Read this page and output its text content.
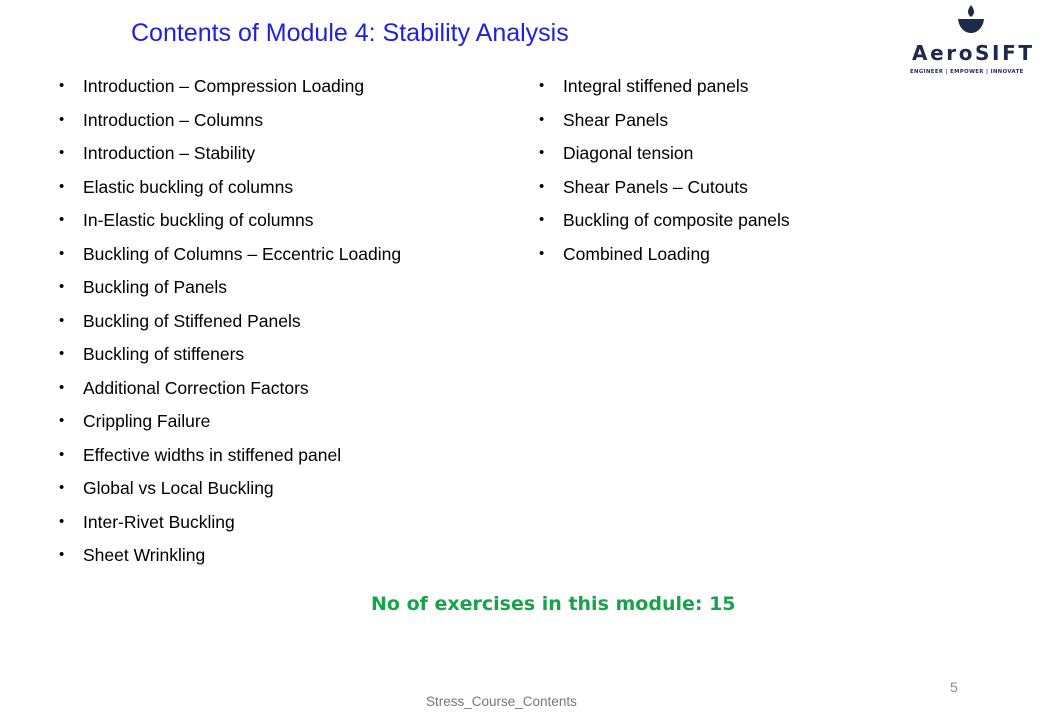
Contents of Module 4: Stability Analysis
AeroSIFT
ENGINEER | EMPOWER | INNOVATE
• Introduction – Compression Loading
• Introduction – Columns
• Introduction – Stability
• Elastic buckling of columns
• In-Elastic buckling of columns
• Buckling of Columns – Eccentric Loading
• Buckling of Panels
• Buckling of Stiffened Panels
• Buckling of stiffeners
• Additional Correction Factors
• Crippling Failure
• Effective widths in stiffened panel
• Global vs Local Buckling
• Inter-Rivet Buckling
• Sheet Wrinkling
• Integral stiffened panels
• Shear Panels
• Diagonal tension
• Shear Panels – Cutouts
• Buckling of composite panels
• Combined Loading
No of exercises in this module: 15
5
Stress_Course_Contents
